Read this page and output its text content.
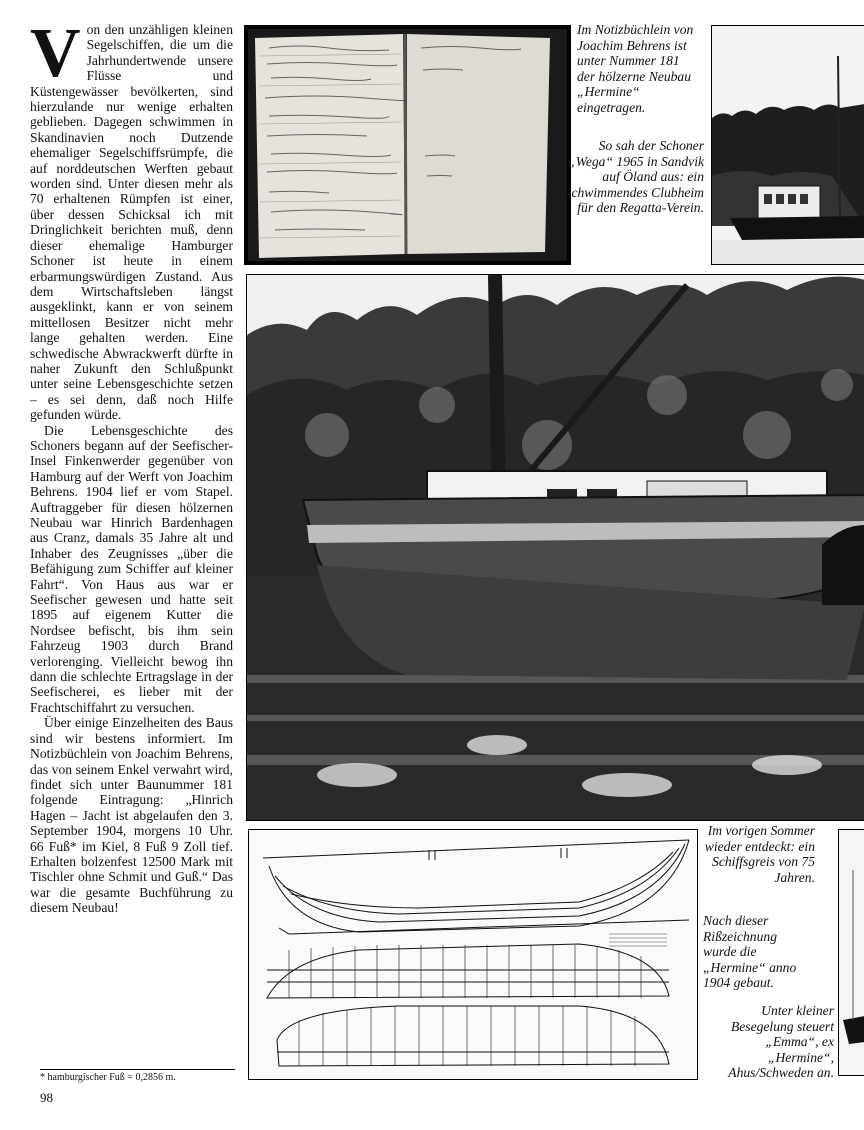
Von den unzähligen kleinen Segelschiffen, die um die Jahrhundertwende unsere Flüsse und Küstengewässer bevölkerten, sind hierzulande nur wenige erhalten geblieben. Dagegen schwimmen in Skandinavien noch Dutzende ehemaliger Segelschiffsrümpfe, die auf norddeutschen Werften gebaut worden sind. Unter diesen mehr als 70 erhaltenen Rümpfen ist einer, über dessen Schicksal ich mit Dringlichkeit berichten muß, denn dieser ehemalige Hamburger Schoner ist heute in einem erbarmungswürdigen Zustand. Aus dem Wirtschaftsleben längst ausgeklinkt, kann er von seinem mittellosen Besitzer nicht mehr lange gehalten werden. Eine schwedische Abwrackwerft dürfte in naher Zukunft den Schlußpunkt unter seine Lebensgeschichte setzen – es sei denn, daß noch Hilfe gefunden würde.

Die Lebensgeschichte des Schoners begann auf der Seefischer-Insel Finkenwerder gegenüber von Hamburg auf der Werft von Joachim Behrens. 1904 lief er vom Stapel. Auftraggeber für diesen hölzernen Neubau war Hinrich Bardenhagen aus Cranz, damals 35 Jahre alt und Inhaber des Zeugnisses „über die Befähigung zum Schiffer auf kleiner Fahrt“. Von Haus aus war er Seefischer gewesen und hatte seit 1895 auf eigenem Kutter die Nordsee befischt, bis ihm sein Fahrzeug 1903 durch Brand verlorenging. Vielleicht bewog ihn dann die schlechte Ertragslage in der Seefischerei, es lieber mit der Frachtschiffahrt zu versuchen.

Über einige Einzelheiten des Baus sind wir bestens informiert. Im Notizbüchlein von Joachim Behrens, das von seinem Enkel verwahrt wird, findet sich unter Baunummer 181 folgende Eintragung: „Hinrich Hagen – Jacht ist abgelaufen den 3. September 1904, morgens 10 Uhr. 66 Fuß* im Kiel, 8 Fuß 9 Zoll tief. Erhalten bolzenfest 12500 Mark mit Tischler ohne Schmit und Guß.“ Das war die gesamte Buchführung zu diesem Neubau!

* hamburgischer Fuß = 0,2856 m.
98
Im Notizbüchlein von Joachim Behrens ist unter Nummer 181 der hölzerne Neubau „Hermine“ eingetragen.
So sah der Schoner „Wega“ 1965 in Sandvik auf Öland aus: ein schwimmendes Clubheim für den Regatta-Verein.
Im vorigen Sommer wieder entdeckt: ein Schiffsgreis von 75 Jahren.
Nach dieser Rißzeichnung wurde die „Hermine“ anno 1904 gebaut.
Unter kleiner Besegelung steuert „Emma“, ex „Hermine“, Ahus/Schweden an.
